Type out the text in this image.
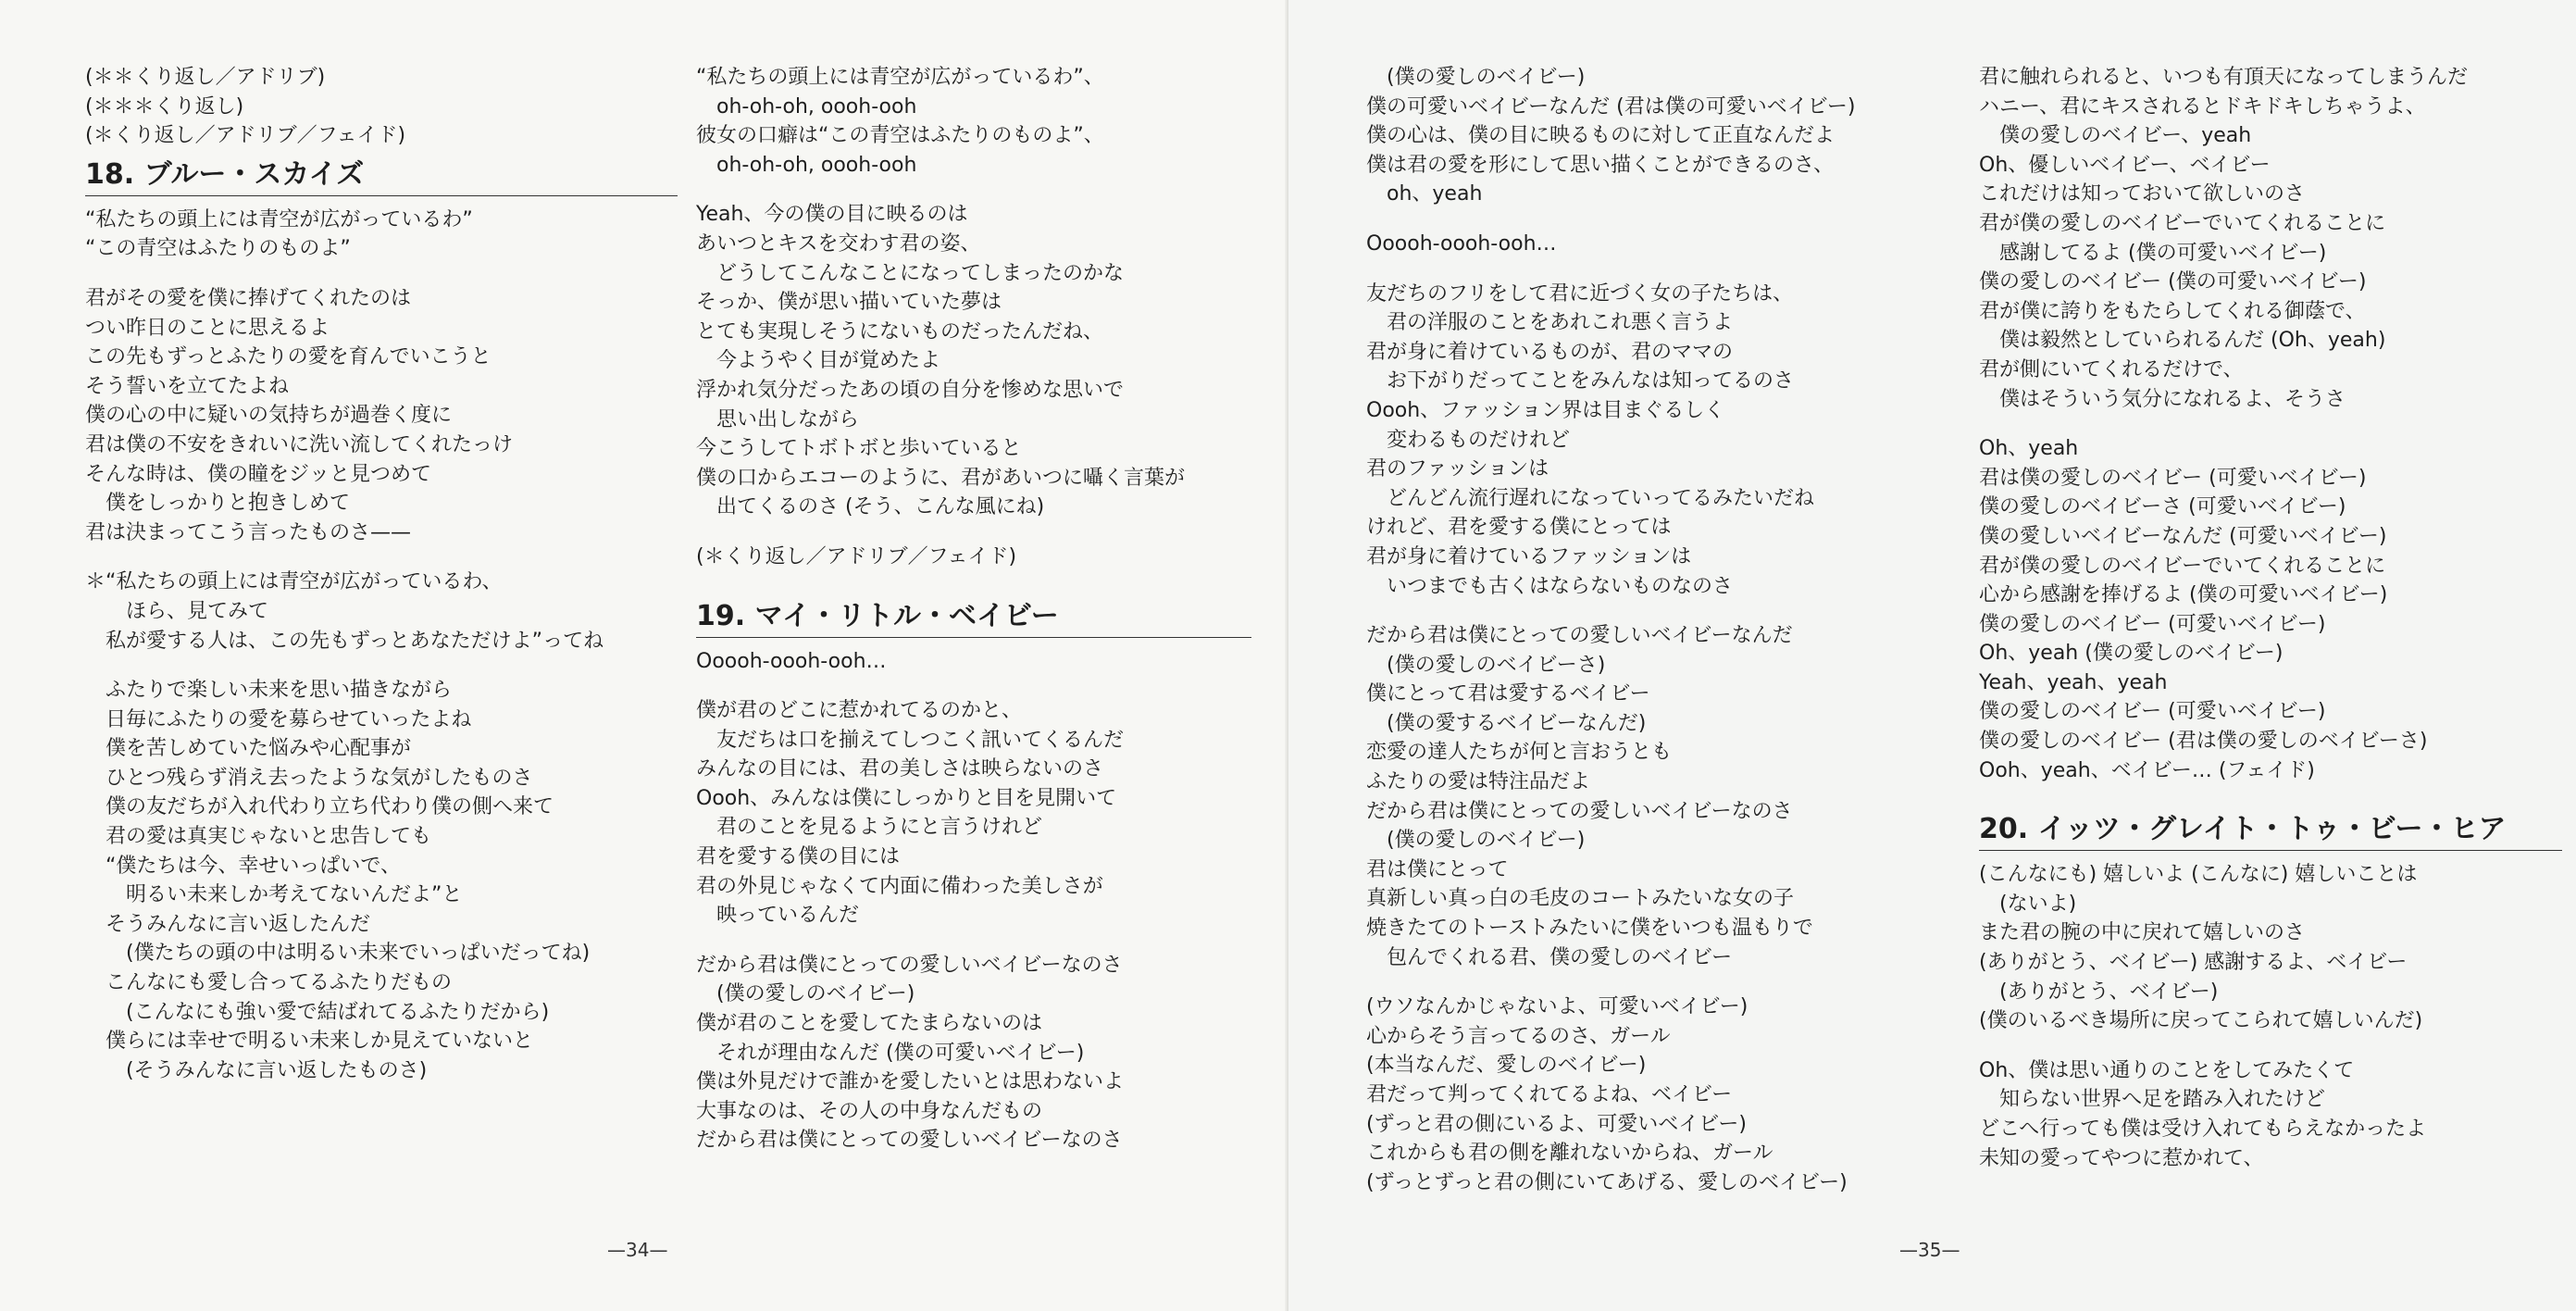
(＊＊くり返し／アドリブ)
(＊＊＊くり返し)
(＊くり返し／アドリブ／フェイド)
18. ブルー・スカイズ
“私たちの頭上には青空が広がっているわ”
“この青空はふたりのものよ”
君がその愛を僕に捧げてくれたのは
つい昨日のことに思えるよ
この先もずっとふたりの愛を育んでいこうと
そう誓いを立てたよね
僕の心の中に疑いの気持ちが過巻く度に
君は僕の不安をきれいに洗い流してくれたっけ
そんな時は、僕の瞳をジッと見つめて
　僕をしっかりと抱きしめて
君は決まってこう言ったものさ——
＊“私たちの頭上には青空が広がっているわ、
　　ほら、見てみて
　私が愛する人は、この先もずっとあなただけよ”ってね
　ふたりで楽しい未来を思い描きながら
　日毎にふたりの愛を募らせていったよね
　僕を苦しめていた悩みや心配事が
　ひとつ残らず消え去ったような気がしたものさ
　僕の友だちが入れ代わり立ち代わり僕の側へ来て
　君の愛は真実じゃないと忠告しても
　“僕たちは今、幸せいっぱいで、
　　明るい未来しか考えてないんだよ”と
　そうみんなに言い返したんだ
　　(僕たちの頭の中は明るい未来でいっぱいだってね)
　こんなにも愛し合ってるふたりだもの
　　(こんなにも強い愛で結ばれてるふたりだから)
　僕らには幸せで明るい未来しか見えていないと
　　(そうみんなに言い返したものさ)
“私たちの頭上には青空が広がっているわ”、
　oh-oh-oh, oooh-ooh
彼女の口癖は“この青空はふたりのものよ”、
　oh-oh-oh, oooh-ooh
Yeah、今の僕の目に映るのは
あいつとキスを交わす君の姿、
　どうしてこんなことになってしまったのかな
そっか、僕が思い描いていた夢は
とても実現しそうにないものだったんだね、
　今ようやく目が覚めたよ
浮かれ気分だったあの頃の自分を惨めな思いで
　思い出しながら
今こうしてトボトボと歩いていると
僕の口からエコーのように、君があいつに囁く言葉が
　出てくるのさ (そう、こんな風にね)
(＊くり返し／アドリブ／フェイド)
19. マイ・リトル・ベイビー
Ooooh-oooh-ooh…
僕が君のどこに惹かれてるのかと、
　友だちは口を揃えてしつこく訊いてくるんだ
みんなの目には、君の美しさは映らないのさ
Oooh、みんなは僕にしっかりと目を見開いて
　君のことを見るようにと言うけれど
君を愛する僕の目には
君の外見じゃなくて内面に備わった美しさが
　映っているんだ
だから君は僕にとっての愛しいベイビーなのさ
　(僕の愛しのベイビー)
僕が君のことを愛してたまらないのは
　それが理由なんだ (僕の可愛いベイビー)
僕は外見だけで誰かを愛したいとは思わないよ
大事なのは、その人の中身なんだもの
だから君は僕にとっての愛しいベイビーなのさ
—34—
　(僕の愛しのベイビー)
僕の可愛いベイビーなんだ (君は僕の可愛いベイビー)
僕の心は、僕の目に映るものに対して正直なんだよ
僕は君の愛を形にして思い描くことができるのさ、
　oh、yeah
Ooooh-oooh-ooh…
友だちのフリをして君に近づく女の子たちは、
　君の洋服のことをあれこれ悪く言うよ
君が身に着けているものが、君のママの
　お下がりだってことをみんなは知ってるのさ
Oooh、ファッション界は目まぐるしく
　変わるものだけれど
君のファッションは
　どんどん流行遅れになっていってるみたいだね
けれど、君を愛する僕にとっては
君が身に着けているファッションは
　いつまでも古くはならないものなのさ
だから君は僕にとっての愛しいベイビーなんだ
　(僕の愛しのベイビーさ)
僕にとって君は愛するベイビー
　(僕の愛するベイビーなんだ)
恋愛の達人たちが何と言おうとも
ふたりの愛は特注品だよ
だから君は僕にとっての愛しいベイビーなのさ
　(僕の愛しのベイビー)
君は僕にとって
真新しい真っ白の毛皮のコートみたいな女の子
焼きたてのトーストみたいに僕をいつも温もりで
　包んでくれる君、僕の愛しのベイビー
(ウソなんかじゃないよ、可愛いベイビー)
心からそう言ってるのさ、ガール
(本当なんだ、愛しのベイビー)
君だって判ってくれてるよね、ベイビー
(ずっと君の側にいるよ、可愛いベイビー)
これからも君の側を離れないからね、ガール
(ずっとずっと君の側にいてあげる、愛しのベイビー)
君に触れられると、いつも有頂天になってしまうんだ
ハニー、君にキスされるとドキドキしちゃうよ、
　僕の愛しのベイビー、yeah
Oh、優しいベイビー、ベイビー
これだけは知っておいて欲しいのさ
君が僕の愛しのベイビーでいてくれることに
　感謝してるよ (僕の可愛いベイビー)
僕の愛しのベイビー (僕の可愛いベイビー)
君が僕に誇りをもたらしてくれる御蔭で、
　僕は毅然としていられるんだ (Oh、yeah)
君が側にいてくれるだけで、
　僕はそういう気分になれるよ、そうさ
Oh、yeah
君は僕の愛しのベイビー (可愛いベイビー)
僕の愛しのベイビーさ (可愛いベイビー)
僕の愛しいベイビーなんだ (可愛いベイビー)
君が僕の愛しのベイビーでいてくれることに
心から感謝を捧げるよ (僕の可愛いベイビー)
僕の愛しのベイビー (可愛いベイビー)
Oh、yeah (僕の愛しのベイビー)
Yeah、yeah、yeah
僕の愛しのベイビー (可愛いベイビー)
僕の愛しのベイビー (君は僕の愛しのベイビーさ)
Ooh、yeah、ベイビー… (フェイド)
20. イッツ・グレイト・トゥ・ビー・ヒア
(こんなにも) 嬉しいよ (こんなに) 嬉しいことは
　(ないよ)
また君の腕の中に戻れて嬉しいのさ
(ありがとう、ベイビー) 感謝するよ、ベイビー
　(ありがとう、ベイビー)
(僕のいるべき場所に戻ってこられて嬉しいんだ)
Oh、僕は思い通りのことをしてみたくて
　知らない世界へ足を踏み入れたけど
どこへ行っても僕は受け入れてもらえなかったよ
未知の愛ってやつに惹かれて、
—35—
